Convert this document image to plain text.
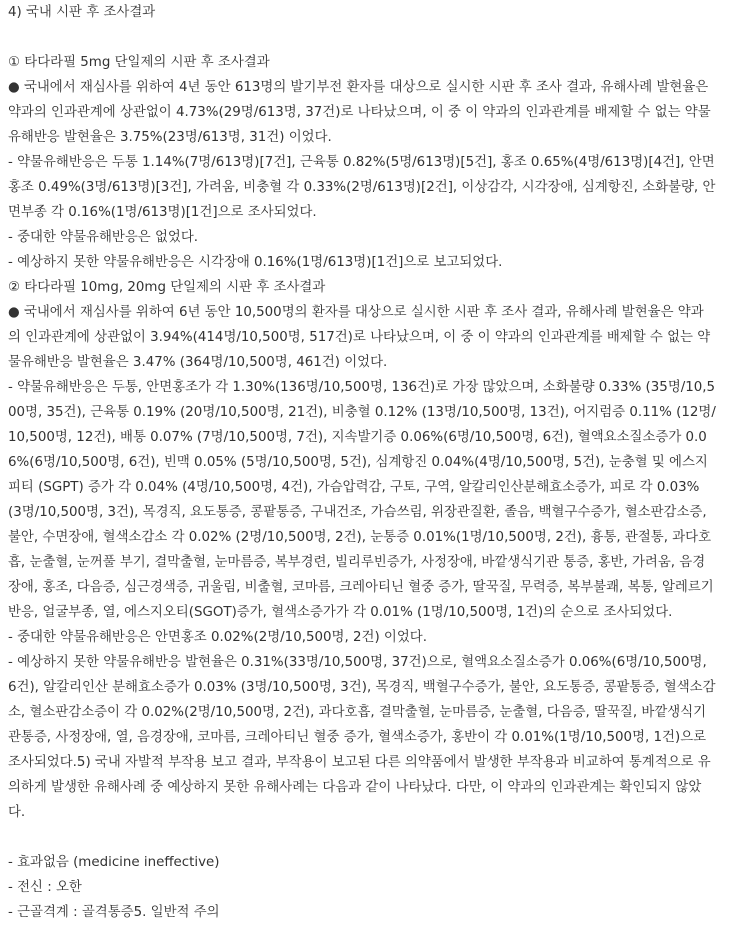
4) 국내 시판 후 조사결과
① 타다라필 5mg 단일제의 시판 후 조사결과
● 국내에서 재심사를 위하여 4년 동안 613명의 발기부전 환자를 대상으로 실시한 시판 후 조사 결과, 유해사례 발현율은 약과의 인과관계에 상관없이 4.73%(29명/613명, 37건)로 나타났으며, 이 중 이 약과의 인과관계를 배제할 수 없는 약물유해반응 발현율은 3.75%(23명/613명, 31건) 이었다.
- 약물유해반응은 두통 1.14%(7명/613명)[7건], 근육통 0.82%(5명/613명)[5건], 홍조 0.65%(4명/613명)[4건], 안면홍조 0.49%(3명/613명)[3건], 가려움, 비충혈 각 0.33%(2명/613명)[2건], 이상감각, 시각장애, 심계항진, 소화불량, 안면부종 각 0.16%(1명/613명)[1건]으로 조사되었다.
- 중대한 약물유해반응은 없었다.
- 예상하지 못한 약물유해반응은 시각장애 0.16%(1명/613명)[1건]으로 보고되었다.
② 타다라필 10mg, 20mg 단일제의 시판 후 조사결과
● 국내에서 재심사를 위하여 6년 동안 10,500명의 환자를 대상으로 실시한 시판 후 조사 결과, 유해사례 발현율은 약과의 인과관계에 상관없이 3.94%(414명/10,500명, 517건)로 나타났으며, 이 중 이 약과의 인과관계를 배제할 수 없는 약물유해반응 발현율은 3.47% (364명/10,500명, 461건) 이었다.
- 약물유해반응은 두통, 안면홍조가 각 1.30%(136명/10,500명, 136건)로 가장 많았으며, 소화불량 0.33% (35명/10,500명, 35건), 근육통 0.19% (20명/10,500명, 21건), 비충혈 0.12% (13명/10,500명, 13건), 어지럼증 0.11% (12명/10,500명, 12건), 배통 0.07% (7명/10,500명, 7건), 지속발기증 0.06%(6명/10,500명, 6건), 혈액요소질소증가 0.06%(6명/10,500명, 6건), 빈맥 0.05% (5명/10,500명, 5건), 심계항진 0.04%(4명/10,500명, 5건), 눈충혈 및 에스지피티 (SGPT) 증가 각 0.04% (4명/10,500명, 4건), 가슴압력감, 구토, 구역, 알칼리인산분해효소증가, 피로 각 0.03% (3명/10,500명, 3건), 목경직, 요도통증, 콩팥통증, 구내건조, 가슴쓰림, 위장관질환, 졸음, 백혈구수증가, 혈소판감소증, 불안, 수면장애, 혈색소감소 각 0.02% (2명/10,500명, 2건), 눈통증 0.01%(1명/10,500명, 2건), 흉통, 관절통, 과다호흡, 눈출혈, 눈꺼풀 부기, 결막출혈, 눈마름증, 복부경련, 빌리루빈증가, 사정장애, 바깥생식기관 통증, 홍반, 가려움, 음경장애, 홍조, 다음증, 심근경색증, 귀울림, 비출혈, 코마름, 크레아티닌 혈중 증가, 딸꾹질, 무력증, 복부불쾌, 복통, 알레르기반응, 얼굴부종, 열, 에스지오티(SGOT)증가, 혈색소증가가 각 0.01% (1명/10,500명, 1건)의 순으로 조사되었다.
- 중대한 약물유해반응은 안면홍조 0.02%(2명/10,500명, 2건) 이었다.
- 예상하지 못한 약물유해반응 발현율은 0.31%(33명/10,500명, 37건)으로, 혈액요소질소증가 0.06%(6명/10,500명, 6건), 알칼리인산 분해효소증가 0.03% (3명/10,500명, 3건), 목경직, 백혈구수증가, 불안, 요도통증, 콩팥통증, 혈색소감소, 혈소판감소증이 각 0.02%(2명/10,500명, 2건), 과다호흡, 결막출혈, 눈마름증, 눈출혈, 다음증, 딸꾹질, 바깥생식기관통증, 사정장애, 열, 음경장애, 코마름, 크레아티닌 혈중 증가, 혈색소증가, 홍반이 각 0.01%(1명/10,500명, 1건)으로 조사되었다.5) 국내 자발적 부작용 보고 결과, 부작용이 보고된 다른 의약품에서 발생한 부작용과 비교하여 통계적으로 유의하게 발생한 유해사례 중 예상하지 못한 유해사례는 다음과 같이 나타났다. 다만, 이 약과의 인과관계는 확인되지 않았다.
- 효과없음 (medicine ineffective)
- 전신 : 오한
- 근골격계 : 골격통증5. 일반적 주의
